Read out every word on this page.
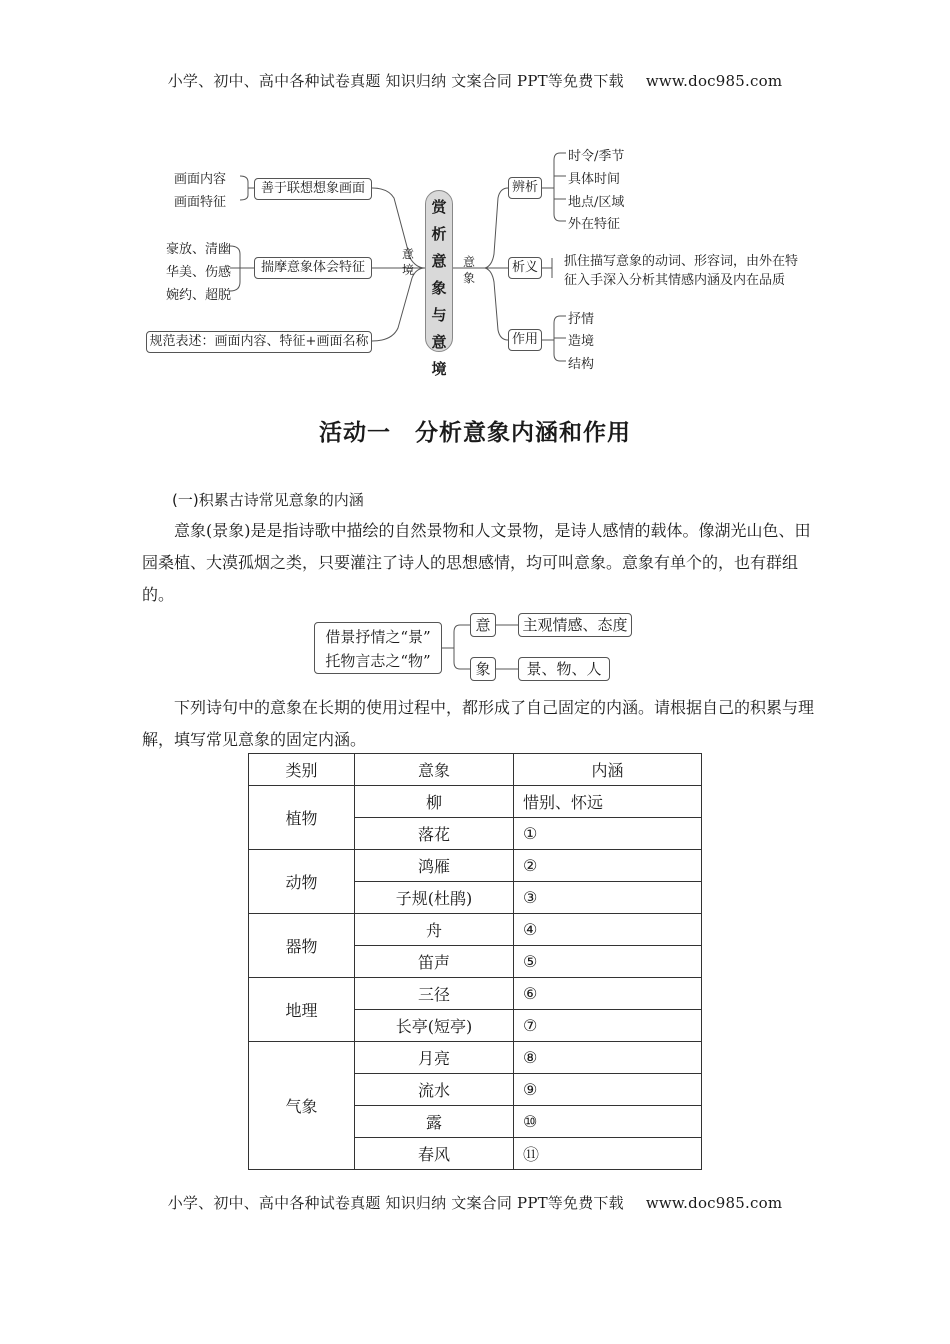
小学、初中、高中各种试卷真题 知识归纳 文案合同 PPT等免费下载 www.doc985.com
画面内容
画面特征
善于联想想象画面
豪放、清幽
华美、伤感
婉约、超脱
揣摩意象体会特征
规范表述：画面内容、特征+画面名称
意
境
赏
析
意
象
与
意
境
意
象
辨析
时令/季节
具体时间
地点/区域
外在特征
析义	抓住描写意象的动词、形容词，由外在特
征入手深入分析其情感内涵及内在品质
作用
抒情
造境
结构
活动一　分析意象内涵和作用
(一)积累古诗常见意象的内涵

意象(景象)是是指诗歌中描绘的自然景物和人文景物，是诗人感情的载体。像湖光山色、田园桑植、大漠孤烟之类，只要灌注了诗人的思想感情，均可叫意象。意象有单个的，也有群组的。

借景抒情之“景”
托物言志之“物”
意	主观情感、态度
象	景、物、人

下列诗句中的意象在长期的使用过程中，都形成了自己固定的内涵。请根据自己的积累与理解，填写常见意象的固定内涵。

类别	意象	内涵
植物	柳	惜别、怀远
	落花	①
动物	鸿雁	②
	子规(杜鹃)	③
器物	舟	④
	笛声	⑤
地理	三径	⑥
	长亭(短亭)	⑦
气象	月亮	⑧
	流水	⑨
	露	⑩
	春风	⑪
小学、初中、高中各种试卷真题 知识归纳 文案合同 PPT等免费下载 www.doc985.com
